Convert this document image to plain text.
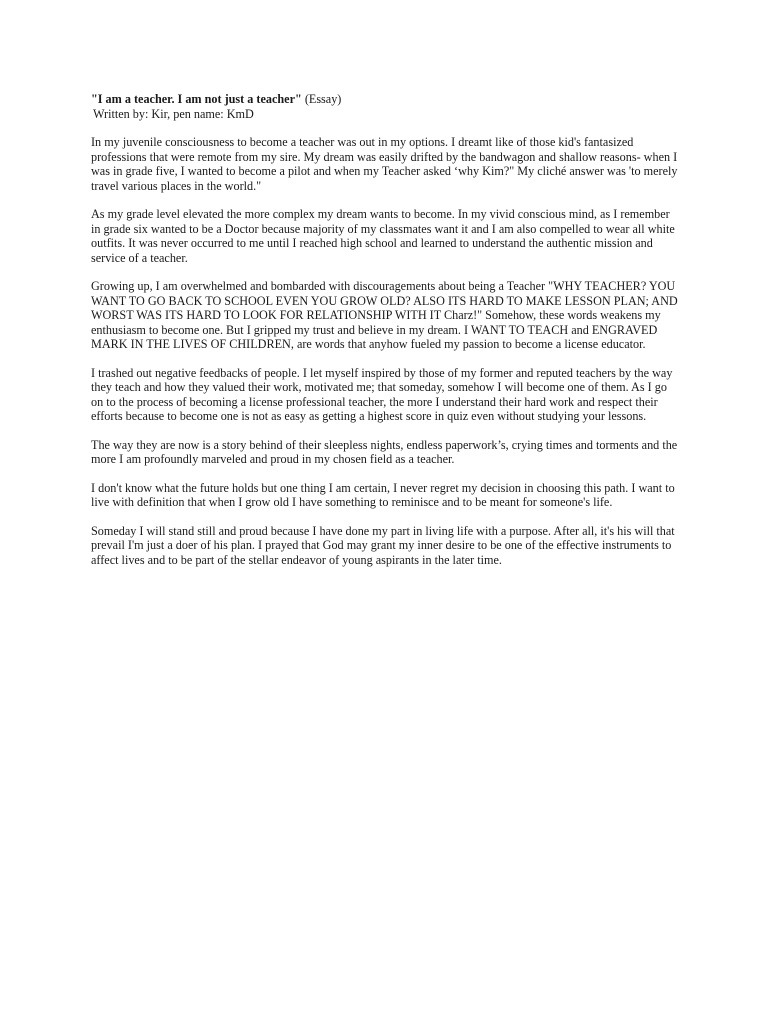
"I am a teacher. I am not just a teacher" (Essay)

Written by: Kir, pen name: KmD

In my juvenile consciousness to become a teacher was out in my options. I dreamt like of those kid's fantasized professions that were remote from my sire. My dream was easily drifted by the bandwagon and shallow reasons- when I was in grade five, I wanted to become a pilot and when my Teacher asked ‘why Kim?" My cliché answer was 'to merely travel various places in the world."

As my grade level elevated the more complex my dream wants to become. In my vivid conscious mind, as I remember in grade six wanted to be a Doctor because majority of my classmates want it and I am also compelled to wear all white outfits. It was never occurred to me until I reached high school and learned to understand the authentic mission and service of a teacher.

Growing up, I am overwhelmed and bombarded with discouragements about being a Teacher "WHY TEACHER? YOU WANT TO GO BACK TO SCHOOL EVEN YOU GROW OLD? ALSO ITS HARD TO MAKE LESSON PLAN; AND WORST WAS ITS HARD TO LOOK FOR RELATIONSHIP WITH IT Charz!" Somehow, these words weakens my enthusiasm to become one. But I gripped my trust and believe in my dream. I WANT TO TEACH and ENGRAVED MARK IN THE LIVES OF CHILDREN, are words that anyhow fueled my passion to become a license educator.

I trashed out negative feedbacks of people. I let myself inspired by those of my former and reputed teachers by the way they teach and how they valued their work, motivated me; that someday, somehow I will become one of them. As I go on to the process of becoming a license professional teacher, the more I understand their hard work and respect their efforts because to become one is not as easy as getting a highest score in quiz even without studying your lessons.

The way they are now is a story behind of their sleepless nights, endless paperwork’s, crying times and torments and the more I am profoundly marveled and proud in my chosen field as a teacher.

I don't know what the future holds but one thing I am certain, I never regret my decision in choosing this path. I want to live with definition that when I grow old I have something to reminisce and to be meant for someone's life.

Someday I will stand still and proud because I have done my part in living life with a purpose. After all, it's his will that prevail I'm just a doer of his plan. I prayed that God may grant my inner desire to be one of the effective instruments to affect lives and to be part of the stellar endeavor of young aspirants in the later time.
